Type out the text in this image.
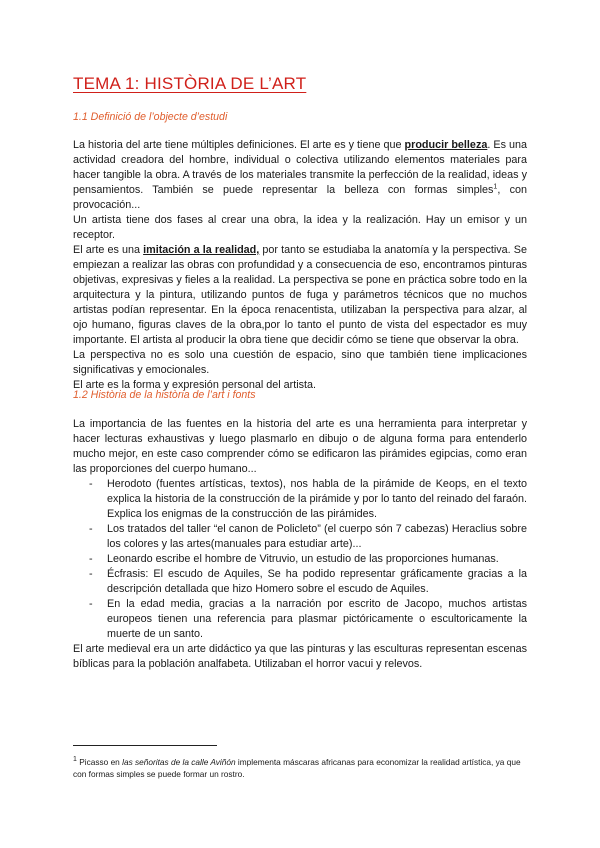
TEMA 1: HISTÒRIA DE L’ART
1.1 Definició de l’objecte d’estudi

La historia del arte tiene múltiples definiciones. El arte es y tiene que producir belleza. Es una actividad creadora del hombre, individual o colectiva utilizando elementos materiales para hacer tangible la obra. A través de los materiales transmite la perfección de la realidad, ideas y pensamientos. También se puede representar la belleza con formas simples$^1$, con provocación...

Un artista tiene dos fases al crear una obra, la idea y la realización. Hay un emisor y un receptor.

El arte es una imitación a la realidad, por tanto se estudiaba la anatomía y la perspectiva. Se empiezan a realizar las obras con profundidad y a consecuencia de eso, encontramos pinturas objetivas, expresivas y fieles a la realidad. La perspectiva se pone en práctica sobre todo en la arquitectura y la pintura, utilizando puntos de fuga y parámetros técnicos que no muchos artistas podían representar. En la época renacentista, utilizaban la perspectiva para alzar, al ojo humano, figuras claves de la obra,por lo tanto el punto de vista del espectador es muy importante. El artista al producir la obra tiene que decidir cómo se tiene que observar la obra.

La perspectiva no es solo una cuestión de espacio, sino que también tiene implicaciones significativas y emocionales.

El arte es la forma y expresión personal del artista.

1.2 Història de la història de l’art i fonts

La importancia de las fuentes en la historia del arte es una herramienta para interpretar y hacer lecturas exhaustivas y luego plasmarlo en dibujo o de alguna forma para entenderlo mucho mejor, en este caso comprender cómo se edificaron las pirámides egipcias, como eran las proporciones del cuerpo humano...

- Herodoto (fuentes artísticas, textos), nos habla de la pirámide de Keops, en el texto explica la historia de la construcción de la pirámide y por lo tanto del reinado del faraón. Explica los enigmas de la construcción de las pirámides.
- Los tratados del taller “el canon de Policleto” (el cuerpo són 7 cabezas) Heraclius sobre los colores y las artes(manuales para estudiar arte)...
- Leonardo escribe el hombre de Vitruvio, un estudio de las proporciones humanas.
- Écfrasis: El escudo de Aquiles, Se ha podido representar gráficamente gracias a la descripción detallada que hizo Homero sobre el escudo de Aquiles.
- En la edad media, gracias a la narración por escrito de Jacopo, muchos artistas europeos tienen una referencia para plasmar pictóricamente o escultoricamente la muerte de un santo.

El arte medieval era un arte didáctico ya que las pinturas y las esculturas representan escenas bíblicas para la población analfabeta. Utilizaban el horror vacui y relevos.

$^1$ Picasso en las señoritas de la calle Aviñón implementa máscaras africanas para economizar la realidad artística, ya que con formas simples se puede formar un rostro.
